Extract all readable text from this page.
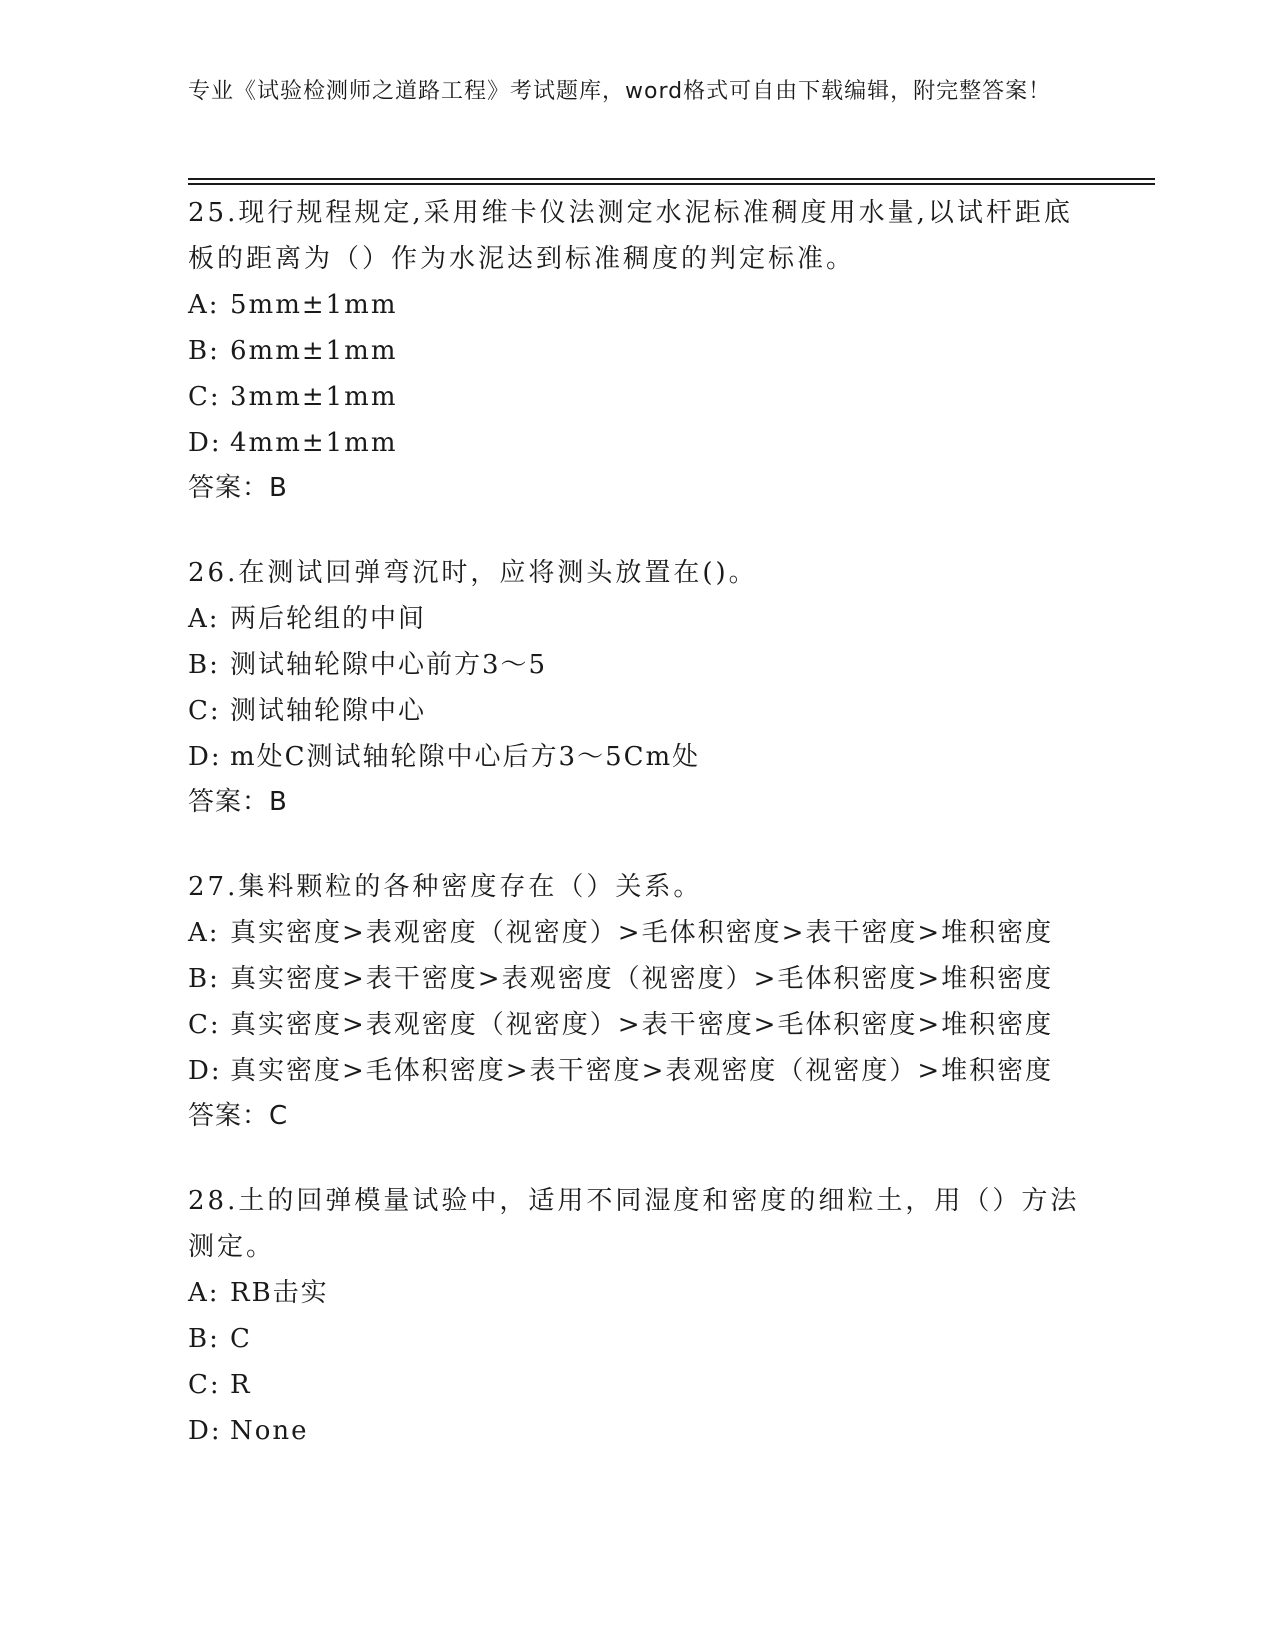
专业《试验检测师之道路工程》考试题库，word格式可自由下载编辑，附完整答案！

25.现行规程规定,采用维卡仪法测定水泥标准稠度用水量,以试杆距底板的距离为（）作为水泥达到标准稠度的判定标准。

A: 5mm±1mm

B: 6mm±1mm

C: 3mm±1mm

D: 4mm±1mm

答案：B

26.在测试回弹弯沉时，应将测头放置在()。

A: 两后轮组的中间

B: 测试轴轮隙中心前方3～5

C: 测试轴轮隙中心

D: m处C测试轴轮隙中心后方3～5Cm处

答案：B

27.集料颗粒的各种密度存在（）关系。

A: 真实密度>表观密度（视密度）>毛体积密度>表干密度>堆积密度

B: 真实密度>表干密度>表观密度（视密度）>毛体积密度>堆积密度

C: 真实密度>表观密度（视密度）>表干密度>毛体积密度>堆积密度

D: 真实密度>毛体积密度>表干密度>表观密度（视密度）>堆积密度

答案：C

28.土的回弹模量试验中，适用不同湿度和密度的细粒土，用（）方法测定。

A: RB击实

B: C

C: R

D: None
